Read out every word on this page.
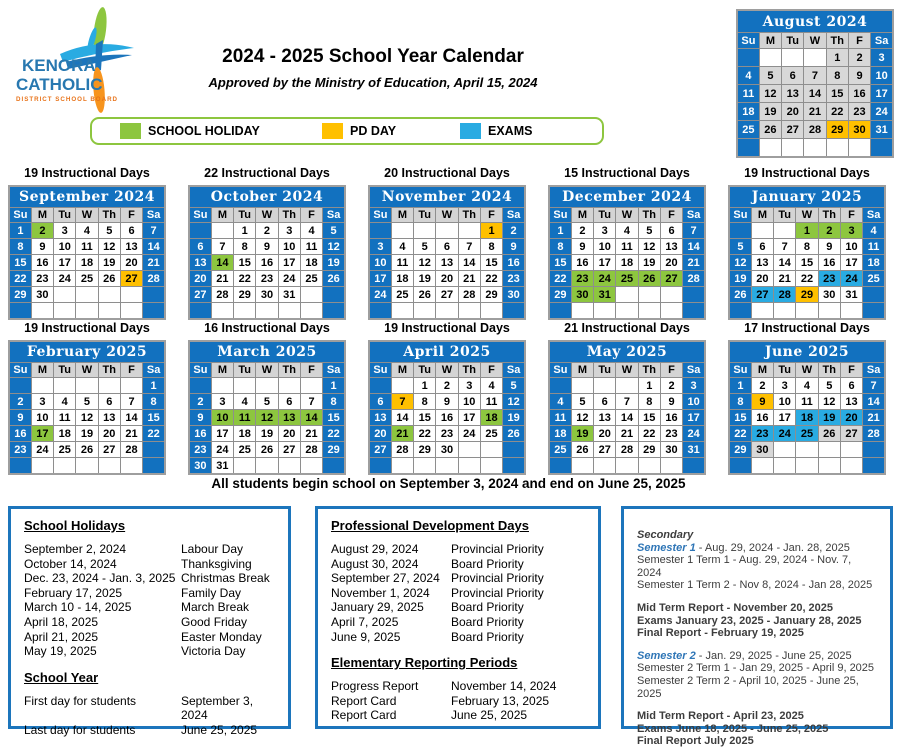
KENORA
CATHOLIC
DISTRICT SCHOOL BOARD
2024 - 2025 School Year Calendar
Approved by the Ministry of Education, April 15, 2024
SCHOOL HOLIDAY	PD DAY	EXAMS
August 2024						
Su	M	Tu	W	Th	F	Sa
				1	2	3
4	5	6	7	8	9	10
11	12	13	14	15	16	17
18	19	20	21	22	23	24
25	26	27	28	29	30	31

19 Instructional Days
September 2024						
Su	M	Tu	W	Th	F	Sa
1	2	3	4	5	6	7
8	9	10	11	12	13	14
15	16	17	18	19	20	21
22	23	24	25	26	27	28
29	30					

22 Instructional Days
October 2024						
Su	M	Tu	W	Th	F	Sa
		1	2	3	4	5
6	7	8	9	10	11	12
13	14	15	16	17	18	19
20	21	22	23	24	25	26
27	28	29	30	31		

20 Instructional Days
November 2024						
Su	M	Tu	W	Th	F	Sa
					1	2
3	4	5	6	7	8	9
10	11	12	13	14	15	16
17	18	19	20	21	22	23
24	25	26	27	28	29	30

15 Instructional Days
December 2024						
Su	M	Tu	W	Th	F	Sa
1	2	3	4	5	6	7
8	9	10	11	12	13	14
15	16	17	18	19	20	21
22	23	24	25	26	27	28
29	30	31				

19 Instructional Days
January 2025						
Su	M	Tu	W	Th	F	Sa
			1	2	3	4
5	6	7	8	9	10	11
12	13	14	15	16	17	18
19	20	21	22	23	24	25
26	27	28	29	30	31	

19 Instructional Days
February 2025						
Su	M	Tu	W	Th	F	Sa
						1
2	3	4	5	6	7	8
9	10	11	12	13	14	15
16	17	18	19	20	21	22
23	24	25	26	27	28	

16 Instructional Days
March 2025						
Su	M	Tu	W	Th	F	Sa
						1
2	3	4	5	6	7	8
9	10	11	12	13	14	15
16	17	18	19	20	21	22
23	24	25	26	27	28	29
30	31					
19 Instructional Days
April 2025						
Su	M	Tu	W	Th	F	Sa
		1	2	3	4	5
6	7	8	9	10	11	12
13	14	15	16	17	18	19
20	21	22	23	24	25	26
27	28	29	30			

21 Instructional Days
May 2025						
Su	M	Tu	W	Th	F	Sa
				1	2	3
4	5	6	7	8	9	10
11	12	13	14	15	16	17
18	19	20	21	22	23	24
25	26	27	28	29	30	31

17 Instructional Days
June 2025						
Su	M	Tu	W	Th	F	Sa
1	2	3	4	5	6	7
8	9	10	11	12	13	14
15	16	17	18	19	20	21
22	23	24	25	26	27	28
29	30					

All students begin school on September 3, 2024 and end on June 25, 2025
School Holidays
September 2, 2024	Labour Day
October 14, 2024	Thanksgiving
Dec. 23, 2024 - Jan. 3, 2025 Christmas Break
February 17, 2025	Family Day
March 10 - 14, 2025	March Break
April 18, 2025	Good Friday
April 21, 2025	Easter Monday
May 19, 2025	Victoria Day
School Year
First day for students	September 3, 2024
Last day for students	June 25, 2025
Professional Development Days
August 29, 2024	Provincial Priority
August 30, 2024	Board Priority
September 27, 2024 Provincial Priority
November 1, 2024	Provincial Priority
January 29, 2025	Board Priority
April 7, 2025	Board Priority
June 9, 2025	Board Priority
Elementary Reporting Periods
Progress Report	November 14, 2024
Report Card	February 13, 2025
Report Card	June 25, 2025
Secondary
Semester 1 - Aug. 29, 2024 - Jan. 28, 2025
Semester 1 Term 1 - Aug. 29, 2024 - Nov. 7, 2024
Semester 1 Term 2 - Nov 8, 2024 - Jan 28, 2025
Mid Term Report - November 20, 2025
Exams January 23, 2025 - January 28, 2025
Final Report - February 19, 2025
Semester 2 - Jan. 29, 2025 - June 25, 2025
Semester 2 Term 1 - Jan 29, 2025 - April 9, 2025
Semester 2 Term 2 - April 10, 2025 - June 25, 2025
Mid Term Report - April 23, 2025
Exams June 18, 2025 - June 25, 2025
Final Report July 2025
